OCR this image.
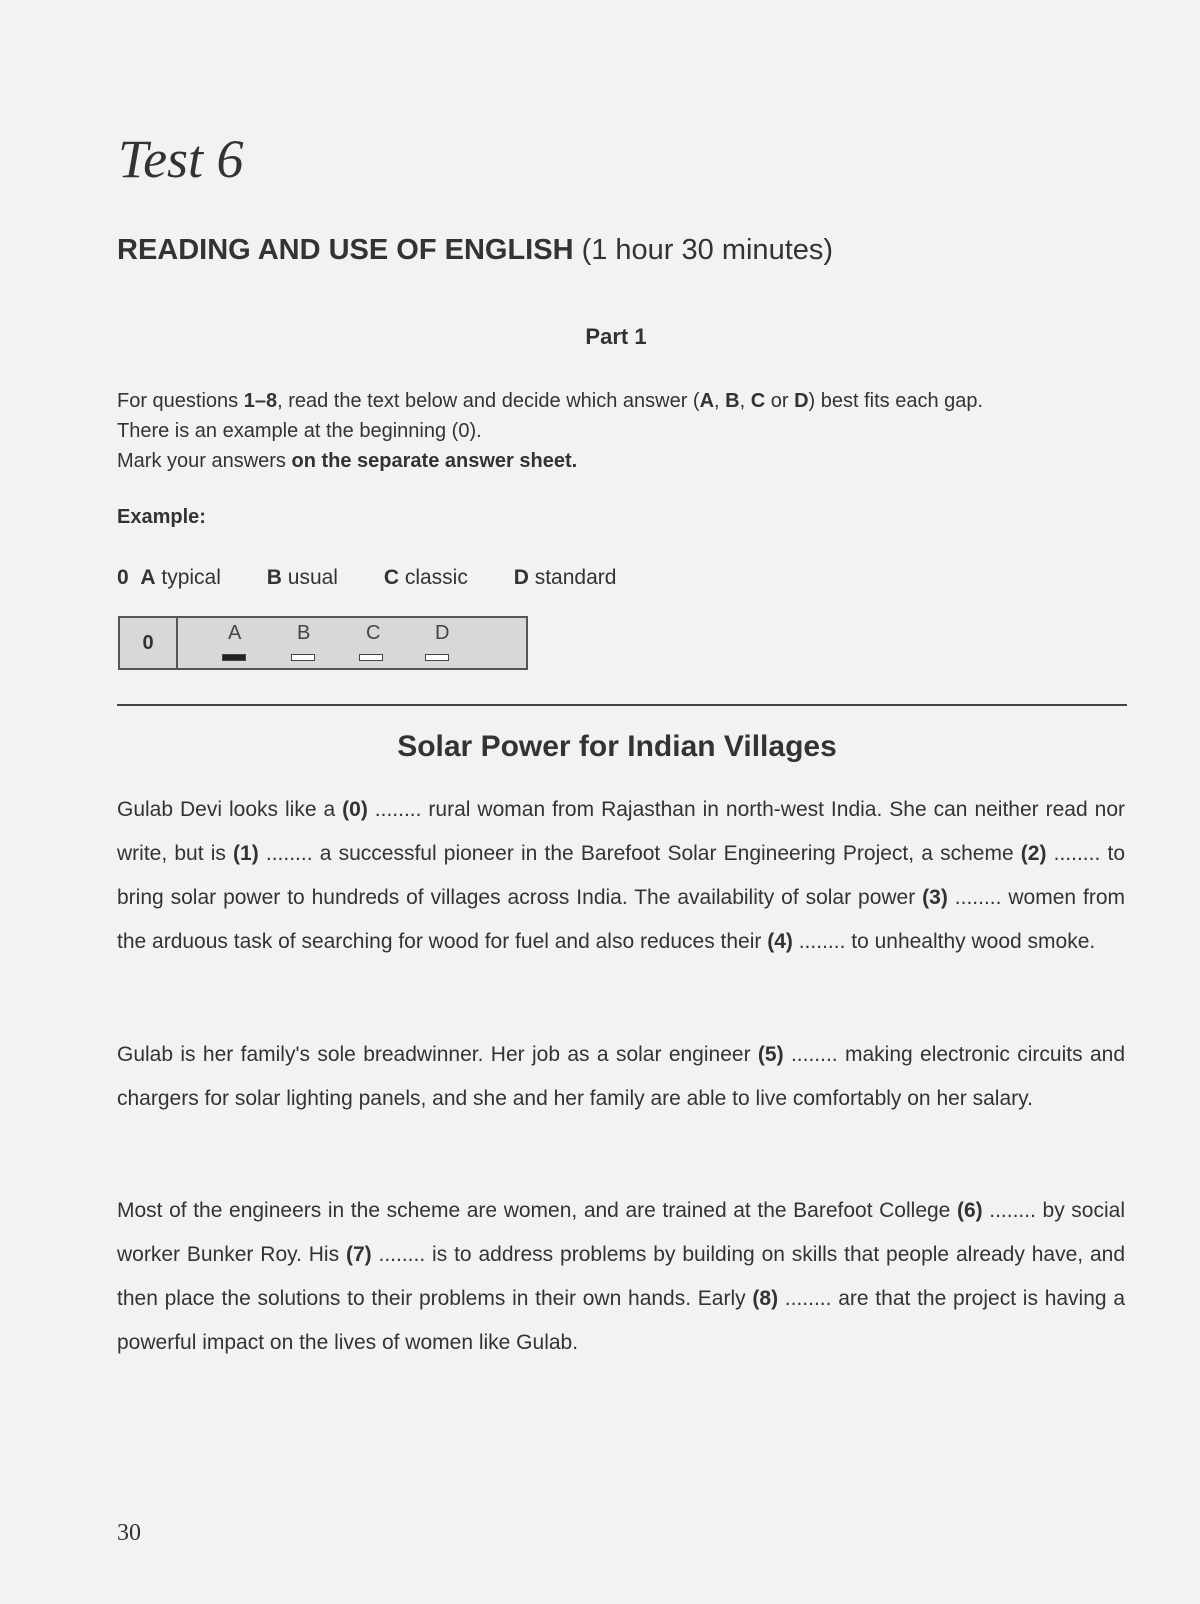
Test 6
READING AND USE OF ENGLISH (1 hour 30 minutes)
Part 1

For questions 1–8, read the text below and decide which answer (A, B, C or D) best fits each gap.

There is an example at the beginning (0).

Mark your answers on the separate answer sheet.

Example:
0 A typical B usual C classic D standard
0	A	B	C	D
Solar Power for Indian Villages

Gulab Devi looks like a (0) ........ rural woman from Rajasthan in north-west India. She can neither read nor write, but is (1) ........ a successful pioneer in the Barefoot Solar Engineering Project, a scheme (2) ........ to bring solar power to hundreds of villages across India. The availability of solar power (3) ........ women from the arduous task of searching for wood for fuel and also reduces their (4) ........ to unhealthy wood smoke.

Gulab is her family's sole breadwinner. Her job as a solar engineer (5) ........ making electronic circuits and chargers for solar lighting panels, and she and her family are able to live comfortably on her salary.

Most of the engineers in the scheme are women, and are trained at the Barefoot College (6) ........ by social worker Bunker Roy. His (7) ........ is to address problems by building on skills that people already have, and then place the solutions to their problems in their own hands. Early (8) ........ are that the project is having a powerful impact on the lives of women like Gulab.

30
